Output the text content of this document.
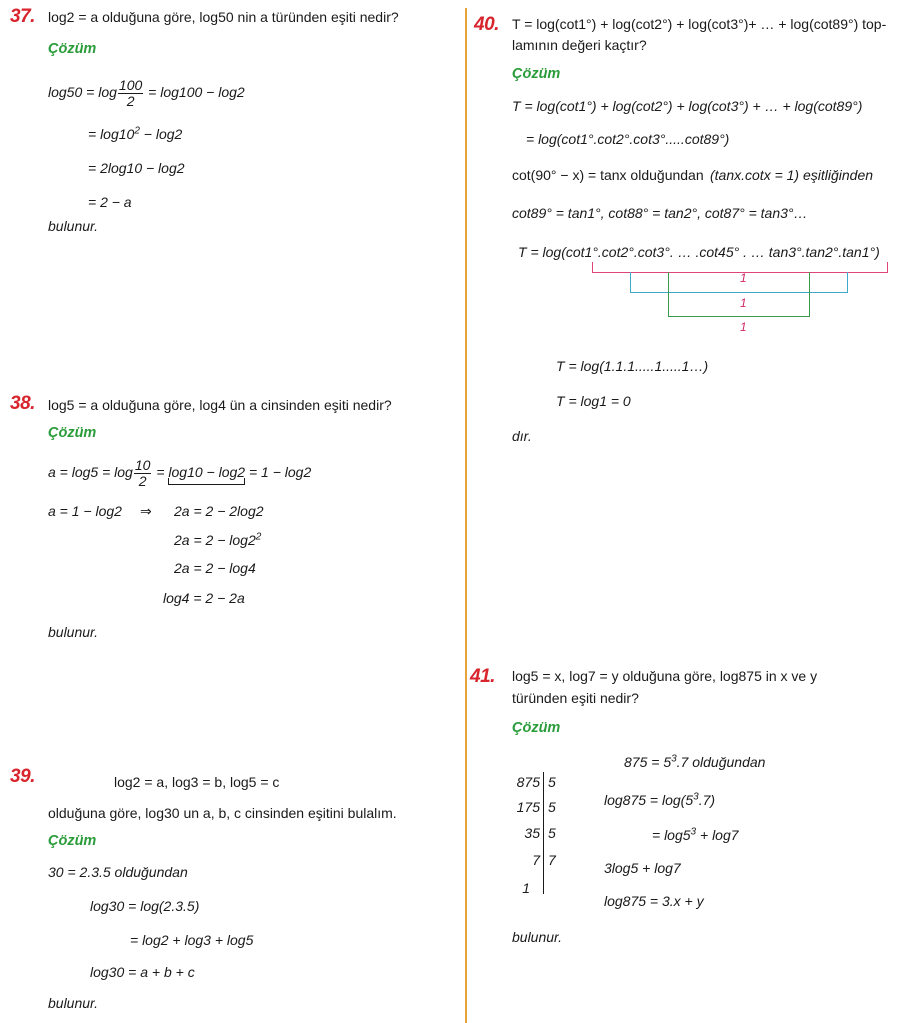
37. log2 = a olduğuna göre, log50 nin a türünden eşiti nedir?
Çözüm
$\log 50 = \log \frac{100}{2} = \log 100 - \log 2$
= $\log 10^2 - \log 2$
= 2log10 − log2
= 2 − a
bulunur.
38. log5 = a olduğuna göre, log4 ün a cinsinden eşiti nedir?
Çözüm
$a = \log 5 = \log \frac{10}{2} = \log 10 - \log 2$
= 1 − log2
a = 1 − log2 ⇒ 2a = 2 − 2log2
$2a = 2 - \log 2^2$
2a = 2 − log4
log4 = 2 − 2a
bulunur.
39.	log2 = a, log3 = b, log5 = c
olduğuna göre, log30 un a, b, c cinsinden eşitini bulalım.
Çözüm
30 = 2.3.5 olduğundan
log30 = log(2.3.5)
= log2 + log3 + log5
log30 = a + b + c
bulunur.
40. T = log(cot1°) + log(cot2°) + log(cot3°)+ … + log(cot89°) top-
lamının değeri kaçtır?
Çözüm
T = log(cot1°) + log(cot2°) + log(cot3°) + … + log(cot89°)
= log(cot1°.cot2°.cot3°.....cot89°)
cot(90° − x) = tanx olduğundan (tanx.cotx = 1) eşitliğinden
cot89° = tan1°, cot88° = tan2°, cot87° = tan3°…
T = log(cot1°.cot2°.cot3°. … .cot45° . … tan3°.tan2°.tan1°)
1
1
1
T = log(1.1.1.....1.....1…)
T = log1 = 0
dır.
41. log5 = x, log7 = y olduğuna göre, log875 in x ve y
türünden eşiti nedir?
Çözüm
$875 = 5^3.7$ olduğundan
875
175
35
7
1
5
5
5
7
$\log 875 = \log(5^3.7)$
= $\log 5^3 + \log 7$
3log5 + log7
log875 = 3.x + y
bulunur.
